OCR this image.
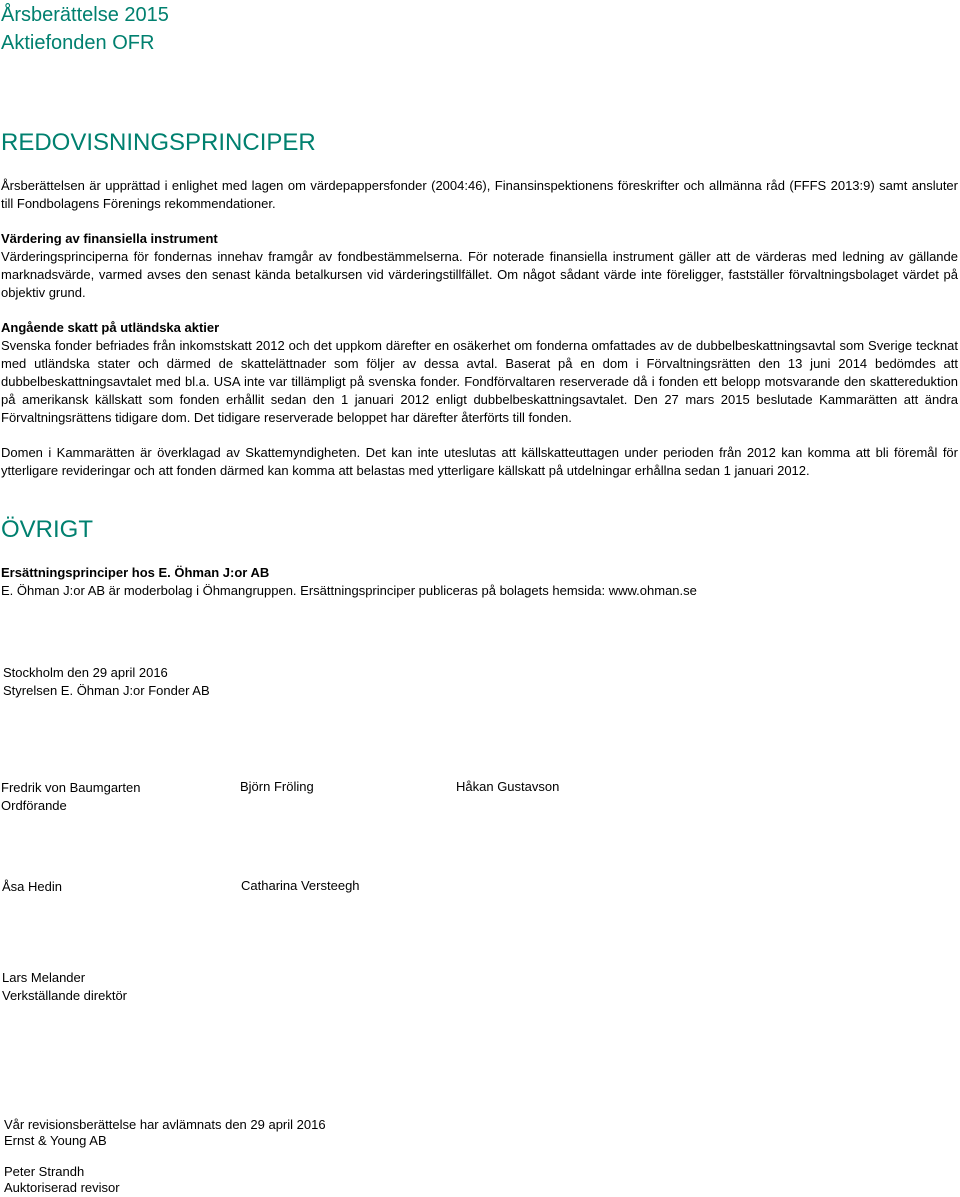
Årsberättelse 2015
Aktiefonden OFR
REDOVISNINGSPRINCIPER

Årsberättelsen är upprättad i enlighet med lagen om värdepappersfonder (2004:46), Finansinspektionens föreskrifter och allmänna råd (FFFS 2013:9) samt ansluter till Fondbolagens Förenings rekommendationer.

Värdering av finansiella instrument

Värderingsprinciperna för fondernas innehav framgår av fondbestämmelserna. För noterade finansiella instrument gäller att de värderas med ledning av gällande marknadsvärde, varmed avses den senast kända betalkursen vid värderingstillfället. Om något sådant värde inte föreligger, fastställer förvaltningsbolaget värdet på objektiv grund.

Angående skatt på utländska aktier

Svenska fonder befriades från inkomstskatt 2012 och det uppkom därefter en osäkerhet om fonderna omfattades av de dubbelbeskattningsavtal som Sverige tecknat med utländska stater och därmed de skattelättnader som följer av dessa avtal. Baserat på en dom i Förvaltningsrätten den 13 juni 2014 bedömdes att dubbelbeskattningsavtalet med bl.a. USA inte var tillämpligt på svenska fonder. Fondförvaltaren reserverade då i fonden ett belopp motsvarande den skattereduktion på amerikansk källskatt som fonden erhållit sedan den 1 januari 2012 enligt dubbelbeskattningsavtalet. Den 27 mars 2015 beslutade Kammarätten att ändra Förvaltningsrättens tidigare dom. Det tidigare reserverade beloppet har därefter återförts till fonden.

Domen i Kammarätten är överklagad av Skattemyndigheten. Det kan inte uteslutas att källskatteuttagen under perioden från 2012 kan komma att bli föremål för ytterligare revideringar och att fonden därmed kan komma att belastas med ytterligare källskatt på utdelningar erhållna sedan 1 januari 2012.

ÖVRIGT

Ersättningsprinciper hos E. Öhman J:or AB

E. Öhman J:or AB är moderbolag i Öhmangruppen. Ersättningsprinciper publiceras på bolagets hemsida: www.ohman.se

Stockholm den 29 april 2016
Styrelsen E. Öhman J:or Fonder AB
Fredrik von Baumgarten
Ordförande
Björn Fröling	Håkan Gustavson
Åsa Hedin	Catharina Versteegh
Lars Melander
Verkställande direktör
Vår revisionsberättelse har avlämnats den 29 april 2016
Ernst & Young AB
Peter Strandh
Auktoriserad revisor
